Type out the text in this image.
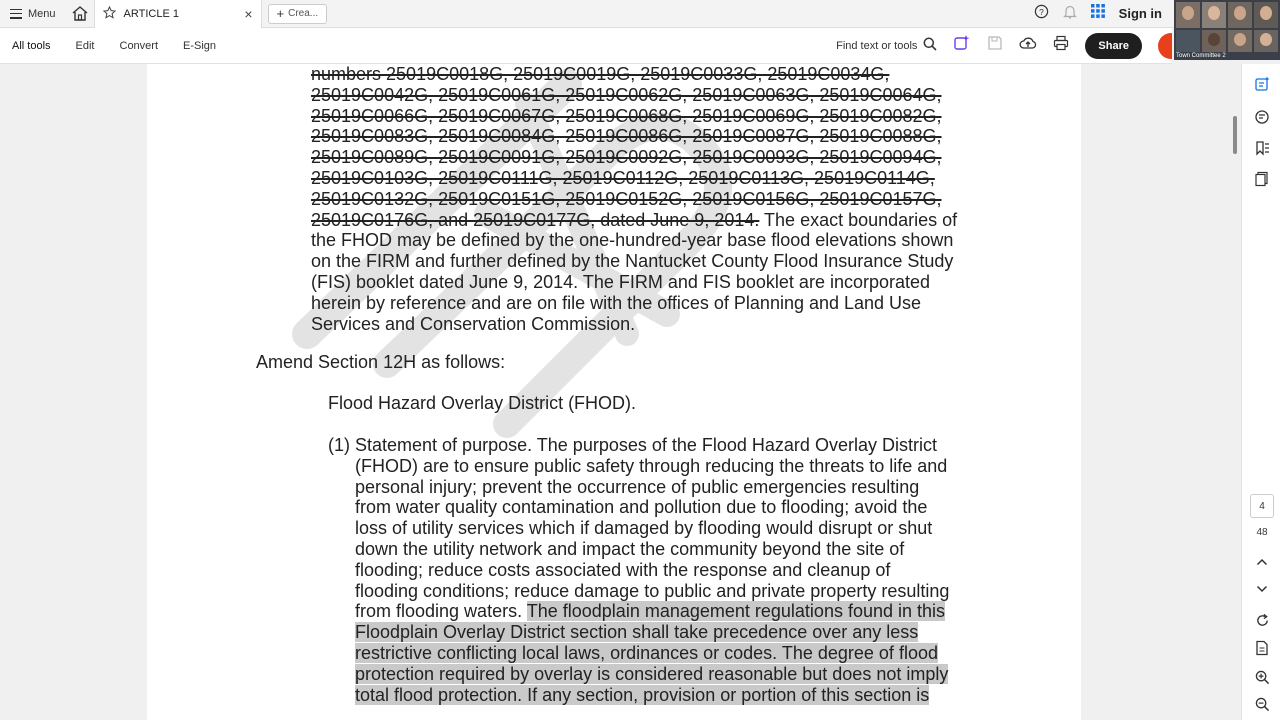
Menu	ARTICLE 1	× + Crea...	?	Sign in
Town Committee 2
All tools	Edit	Convert	E-Sign	Find text or tools	Share
numbers 25019C0018G, 25019C0019G, 25019C0033G, 25019C0034G,
25019C0042G, 25019C0061G, 25019C0062G, 25019C0063G, 25019C0064G,
25019C0066G, 25019C0067G, 25019C0068G, 25019C0069G, 25019C0082G,
25019C0083G, 25019C0084G, 25019C0086G, 25019C0087G, 25019C0088G,
25019C0089G, 25019C0091G, 25019C0092G, 25019C0093G, 25019C0094G,
25019C0103G, 25019C0111G, 25019C0112G, 25019C0113G, 25019C0114G,
25019C0132G, 25019C0151G, 25019C0152G, 25019C0156G, 25019C0157G,
25019C0176G, and 25019C0177G, dated June 9, 2014. The exact boundaries of
the FHOD may be defined by the one-hundred-year base flood elevations shown
on the FIRM and further defined by the Nantucket County Flood Insurance Study
(FIS) booklet dated June 9, 2014. The FIRM and FIS booklet are incorporated
herein by reference and are on file with the offices of Planning and Land Use
Services and Conservation Commission.
Amend Section 12H as follows:
Flood Hazard Overlay District (FHOD).
(1) Statement of purpose. The purposes of the Flood Hazard Overlay District
(FHOD) are to ensure public safety through reducing the threats to life and
personal injury; prevent the occurrence of public emergencies resulting
from water quality contamination and pollution due to flooding; avoid the
loss of utility services which if damaged by flooding would disrupt or shut
down the utility network and impact the community beyond the site of
flooding; reduce costs associated with the response and cleanup of
flooding conditions; reduce damage to public and private property resulting
from flooding waters. The floodplain management regulations found in this
Floodplain Overlay District section shall take precedence over any less
restrictive conflicting local laws, ordinances or codes. The degree of flood
protection required by overlay is considered reasonable but does not imply
total flood protection. If any section, provision or portion of this section is
4
48
